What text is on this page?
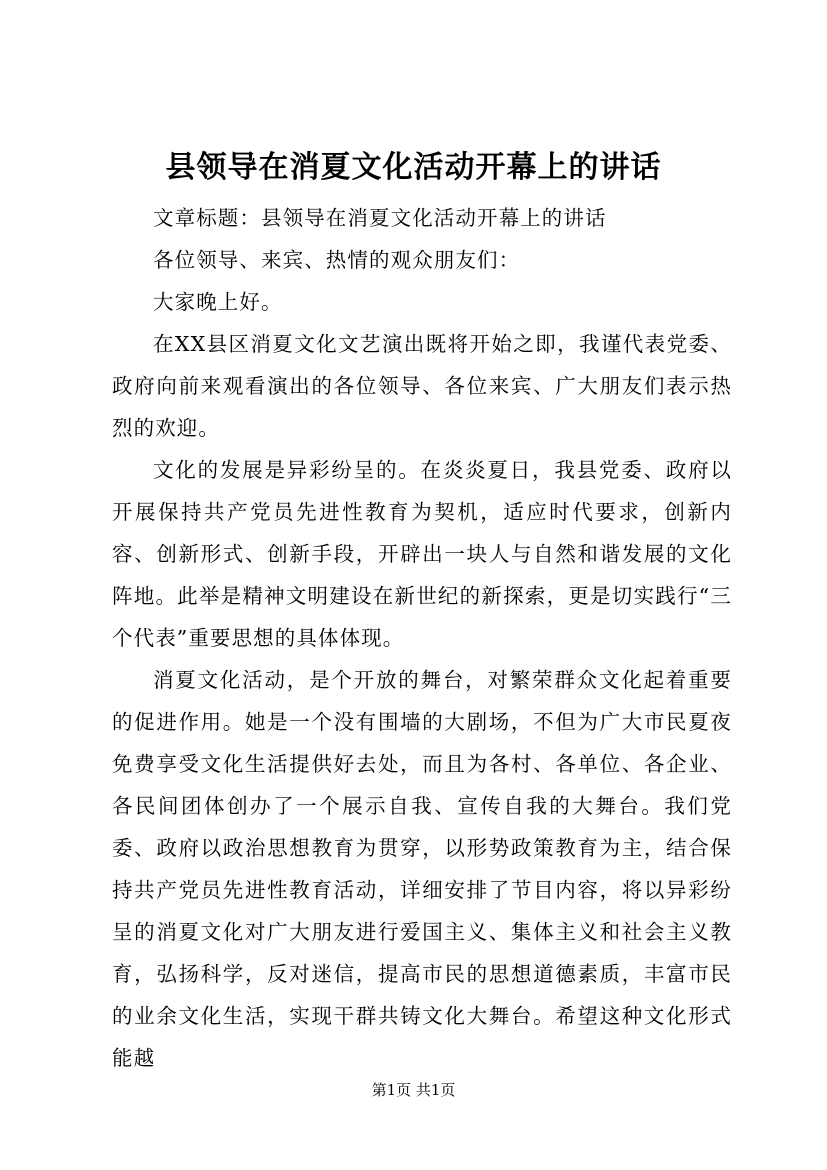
县领导在消夏文化活动开幕上的讲话

文章标题：县领导在消夏文化活动开幕上的讲话

各位领导、来宾、热情的观众朋友们：

大家晚上好。

在XX县区消夏文化文艺演出既将开始之即，我谨代表党委、政府向前来观看演出的各位领导、各位来宾、广大朋友们表示热烈的欢迎。

文化的发展是异彩纷呈的。在炎炎夏日，我县党委、政府以开展保持共产党员先进性教育为契机，适应时代要求，创新内容、创新形式、创新手段，开辟出一块人与自然和谐发展的文化阵地。此举是精神文明建设在新世纪的新探索，更是切实践行“三个代表”重要思想的具体体现。

消夏文化活动，是个开放的舞台，对繁荣群众文化起着重要的促进作用。她是一个没有围墙的大剧场，不但为广大市民夏夜免费享受文化生活提供好去处，而且为各村、各单位、各企业、各民间团体创办了一个展示自我、宣传自我的大舞台。我们党委、政府以政治思想教育为贯穿，以形势政策教育为主，结合保持共产党员先进性教育活动，详细安排了节目内容，将以异彩纷呈的消夏文化对广大朋友进行爱国主义、集体主义和社会主义教育，弘扬科学，反对迷信，提高市民的思想道德素质，丰富市民的业余文化生活，实现干群共铸文化大舞台。希望这种文化形式能越

第1页 共1页
